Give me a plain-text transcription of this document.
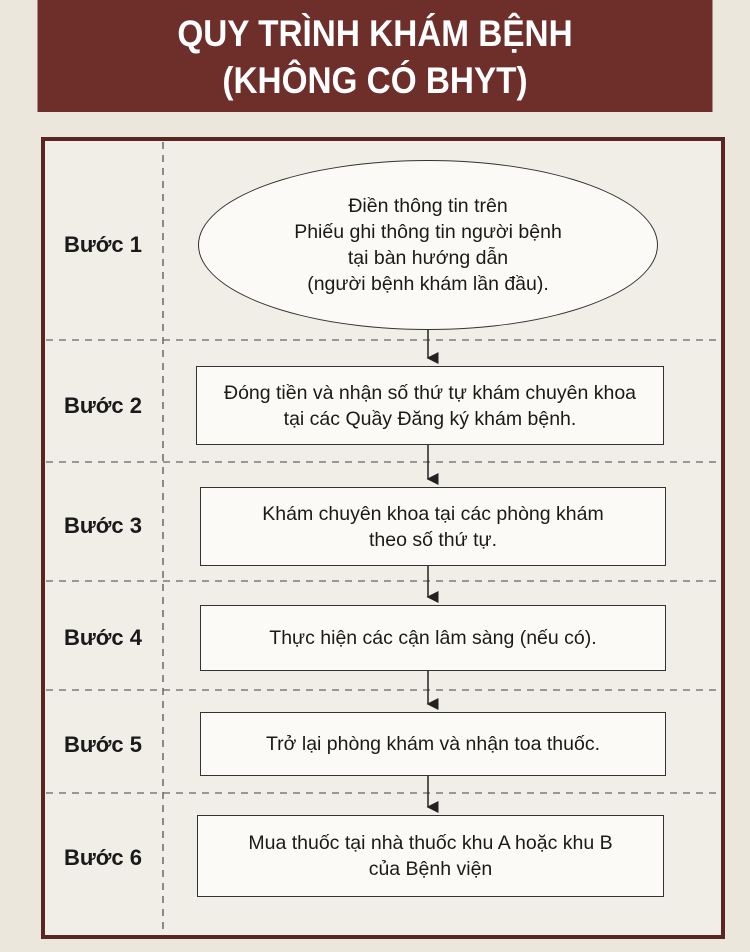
QUY TRÌNH KHÁM BỆNH
(KHÔNG CÓ BHYT)
Bước 1
Bước 2
Bước 3
Bước 4
Bước 5
Bước 6
Điền thông tin trên
Phiếu ghi thông tin người bệnh
tại bàn hướng dẫn
(người bệnh khám lần đầu).
Đóng tiền và nhận số thứ tự khám chuyên khoa
tại các Quầy Đăng ký khám bệnh.
Khám chuyên khoa tại các phòng khám
theo số thứ tự.
Thực hiện các cận lâm sàng (nếu có).
Trở lại phòng khám và nhận toa thuốc.
Mua thuốc tại nhà thuốc khu A hoặc khu B
của Bệnh viện
